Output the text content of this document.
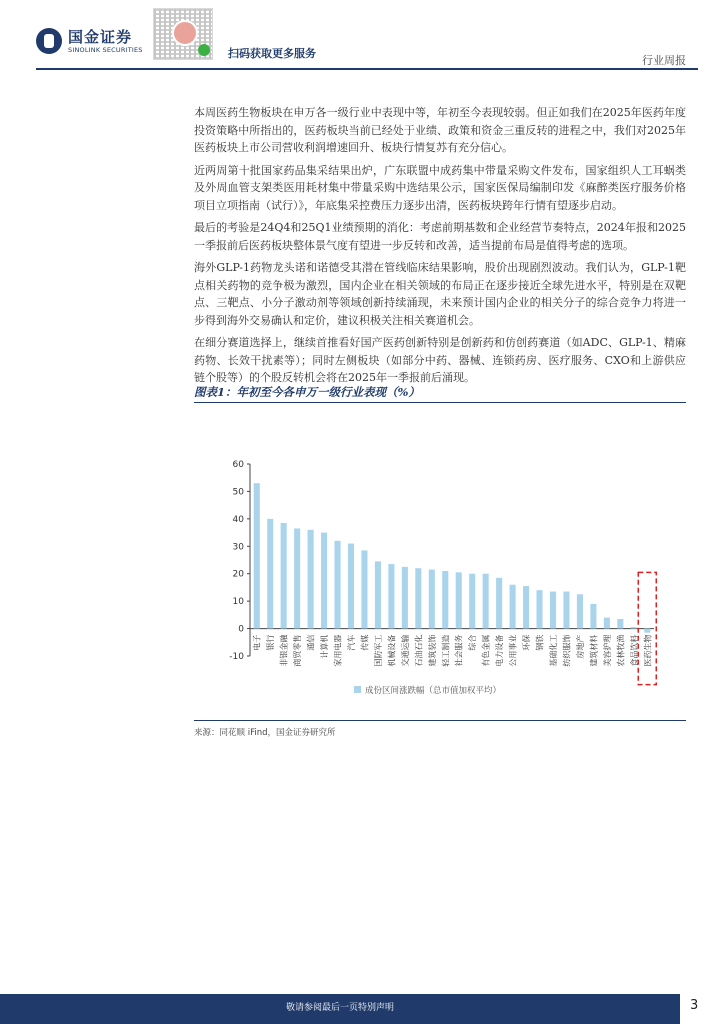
国金证券
SINOLINK SECURITIES	扫码获取更多服务
行业周报

本周医药生物板块在申万各一级行业中表现中等，年初至今表现较弱。但正如我们在2025年医药年度投资策略中所指出的，医药板块当前已经处于业绩、政策和资金三重反转的进程之中，我们对2025年医药板块上市公司营收利润增速回升、板块行情复苏有充分信心。

近两周第十批国家药品集采结果出炉，广东联盟中成药集中带量采购文件发布，国家组织人工耳蜗类及外周血管支架类医用耗材集中带量采购中选结果公示，国家医保局编制印发《麻醉类医疗服务价格项目立项指南（试行）》，年底集采控费压力逐步出清，医药板块跨年行情有望逐步启动。

最后的考验是24Q4和25Q1业绩预期的消化：考虑前期基数和企业经营节奏特点，2024年报和2025一季报前后医药板块整体景气度有望进一步反转和改善，适当提前布局是值得考虑的选项。

海外GLP-1药物龙头诺和诺德受其潜在管线临床结果影响，股价出现剧烈波动。我们认为，GLP-1靶点相关药物的竞争极为激烈，国内企业在相关领域的布局正在逐步接近全球先进水平，特别是在双靶点、三靶点、小分子激动剂等领域创新持续涌现，未来预计国内企业的相关分子的综合竞争力将进一步得到海外交易确认和定价，建议积极关注相关赛道机会。

在细分赛道选择上，继续首推看好国产医药创新特别是创新药和仿创药赛道（如ADC、GLP-1、精麻药物、长效干扰素等）；同时左侧板块（如部分中药、器械、连锁药房、医疗服务、CXO和上游供应链个股等）的个股反转机会将在2025年一季报前后涌现。

图表1：年初至今各申万一级行业表现（%）
-10
0
10
20
30
40
50
60
电子 银行 非银金融 商贸零售 通信 计算机 家用电器 汽车 传媒 国防军工 机械设备 交通运输 石油石化 建筑装饰 轻工制造 社会服务 综合 有色金属 电力设备 公用事业 环保 钢铁 基础化工 纺织服饰 房地产 建筑材料 美容护理 农林牧渔 食品饮料 医药生物
成份区间涨跌幅（总市值加权平均）
来源：同花顺 iFind，国金证券研究所
敬请参阅最后一页特别声明	3
